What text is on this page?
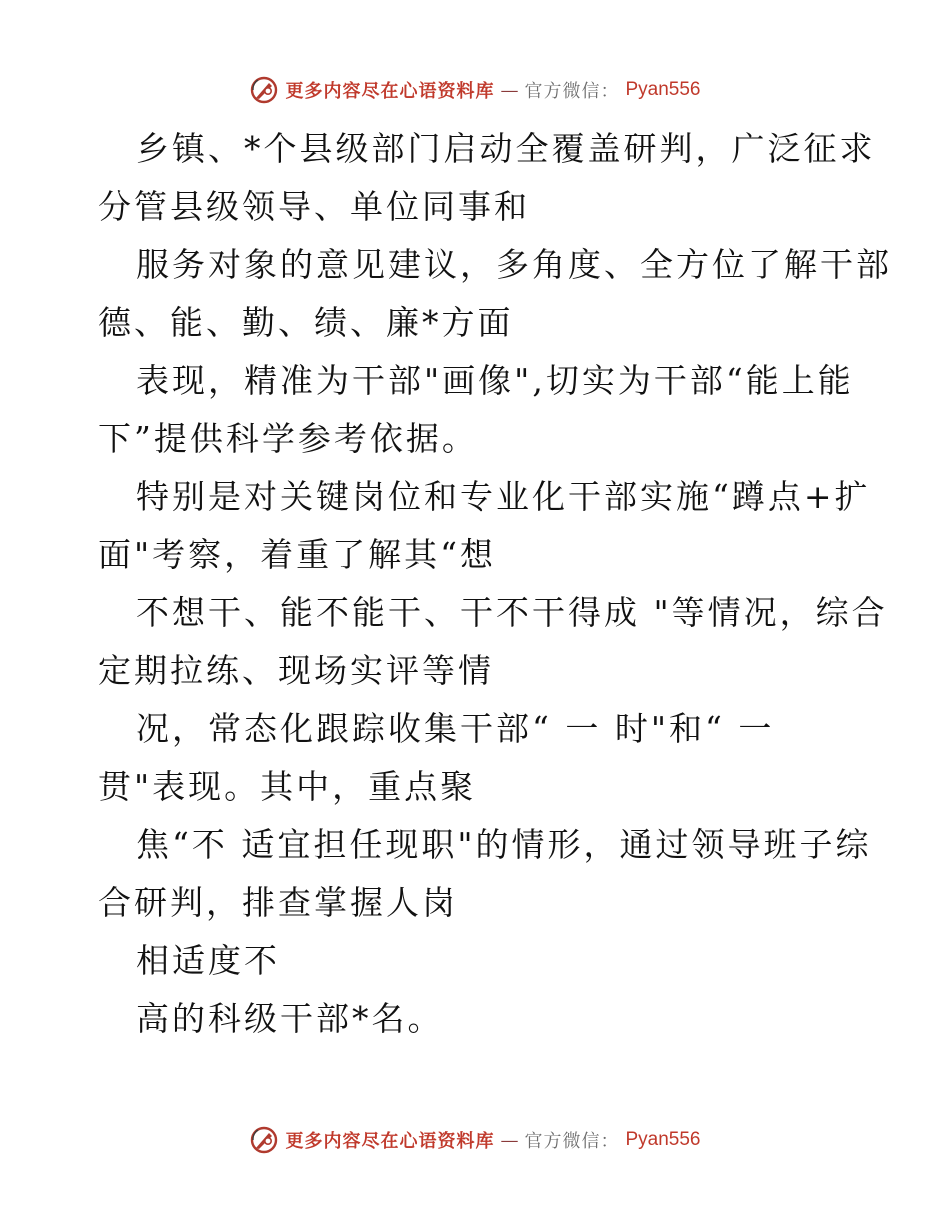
更多内容尽在心语资料库 — 官方微信： Pyan556
乡镇、*个县级部门启动全覆盖研判，广泛征求
分管县级领导、单位同事和
服务对象的意见建议，多角度、全方位了解干部
德、能、勤、绩、廉*方面
表现，精准为干部"画像",切实为干部“能上能
下”提供科学参考依据。
特别是对关键岗位和专业化干部实施“蹲点+扩
面"考察，着重了解其“想
不想干、能不能干、干不干得成 "等情况，综合
定期拉练、现场实评等情
况，常态化跟踪收集干部“ 一 时"和“ 一
贯"表现。其中，重点聚
焦“不 适宜担任现职"的情形，通过领导班子综
合研判，排查掌握人岗
相适度不
高的科级干部*名。
更多内容尽在心语资料库 — 官方微信： Pyan556
